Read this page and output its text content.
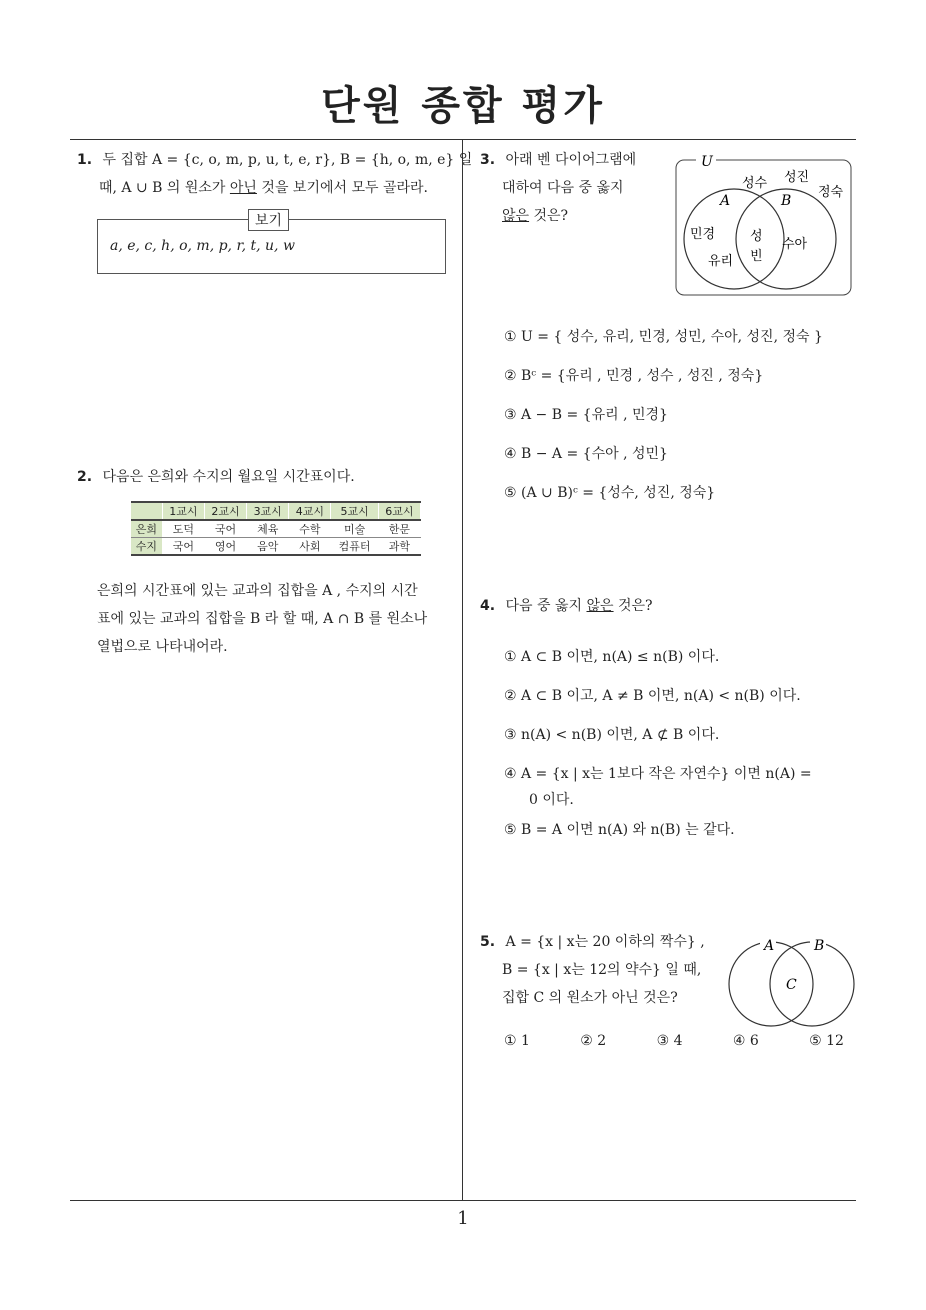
단원 종합 평가
1
1. 두 집합 A = {c, o, m, p, u, t, e, r}, B = {h, o, m, e} 일
때, A ∪ B 의 원소가 아닌 것을 보기에서 모두 골라라.
보기
a, e, c, h, o, m, p, r, t, u, w
2. 다음은 은희와 수지의 월요일 시간표이다.
	1교시	2교시	3교시	4교시	5교시	6교시
은희	도덕	국어	체육	수학	미술	한문
수지	국어	영어	음악	사회	컴퓨터	과학
은희의 시간표에 있는 교과의 집합을 A , 수지의 시간
표에 있는 교과의 집합을 B 라 할 때, A ∩ B 를 원소나
열법으로 나타내어라.
3. 아래 벤 다이어그램에
대하여 다음 중 옳지
않은 것은?
U
A	B
성수 성진
정숙
민경
유리
성
빈
수아
① U = { 성수, 유리, 민경, 성민, 수아, 성진, 정숙 }
② Bᶜ = {유리 , 민경 , 성수 , 성진 , 정숙}
③ A − B = {유리 , 민경}
④ B − A = {수아 , 성민}
⑤ (A ∪ B)ᶜ = {성수, 성진, 정숙}
4. 다음 중 옳지 않은 것은?
① A ⊂ B 이면, n(A) ≤ n(B) 이다.
② A ⊂ B 이고, A ≠ B 이면, n(A) < n(B) 이다.
③ n(A) < n(B) 이면, A ⊄ B 이다.
④ A = {x | x는 1보다 작은 자연수} 이면 n(A) =
0 이다.
⑤ B = A 이면 n(A) 와 n(B) 는 같다.
5. A = {x | x는 20 이하의 짝수} ,
B = {x | x는 12의 약수} 일 때,
집합 C 의 원소가 아닌 것은?
A	B
C
① 1	② 2	③ 4	④ 6	⑤ 12
